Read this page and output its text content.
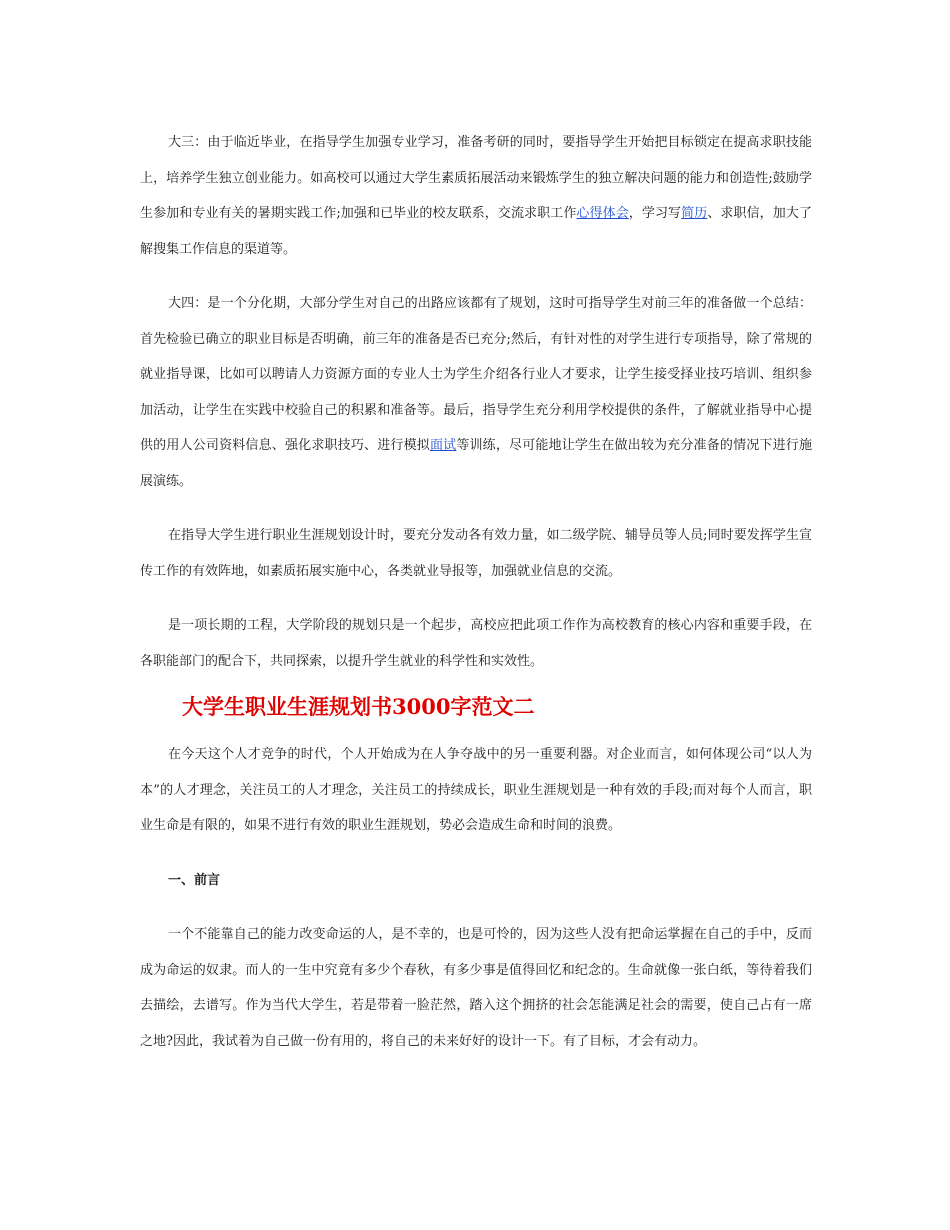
大三：由于临近毕业，在指导学生加强专业学习，准备考研的同时，要指导学生开始把目标锁定在提高求职技能上，培养学生独立创业能力。如高校可以通过大学生素质拓展活动来锻炼学生的独立解决问题的能力和创造性;鼓励学生参加和专业有关的暑期实践工作;加强和已毕业的校友联系，交流求职工作心得体会，学习写简历、求职信，加大了解搜集工作信息的渠道等。

大四：是一个分化期，大部分学生对自己的出路应该都有了规划，这时可指导学生对前三年的准备做一个总结：首先检验已确立的职业目标是否明确，前三年的准备是否已充分;然后，有针对性的对学生进行专项指导，除了常规的就业指导课，比如可以聘请人力资源方面的专业人士为学生介绍各行业人才要求，让学生接受择业技巧培训、组织参加活动，让学生在实践中校验自己的积累和准备等。最后，指导学生充分利用学校提供的条件，了解就业指导中心提供的用人公司资料信息、强化求职技巧、进行模拟面试等训练，尽可能地让学生在做出较为充分准备的情况下进行施展演练。

在指导大学生进行职业生涯规划设计时，要充分发动各有效力量，如二级学院、辅导员等人员;同时要发挥学生宣传工作的有效阵地，如素质拓展实施中心，各类就业导报等，加强就业信息的交流。

是一项长期的工程，大学阶段的规划只是一个起步，高校应把此项工作作为高校教育的核心内容和重要手段，在各职能部门的配合下，共同探索，以提升学生就业的科学性和实效性。

大学生职业生涯规划书3000字范文二

在今天这个人才竞争的时代，个人开始成为在人争夺战中的另一重要利器。对企业而言，如何体现公司“以人为本”的人才理念，关注员工的人才理念，关注员工的持续成长，职业生涯规划是一种有效的手段;而对每个人而言，职业生命是有限的，如果不进行有效的职业生涯规划，势必会造成生命和时间的浪费。

一、前言

一个不能靠自己的能力改变命运的人，是不幸的，也是可怜的，因为这些人没有把命运掌握在自己的手中，反而成为命运的奴隶。而人的一生中究竟有多少个春秋，有多少事是值得回忆和纪念的。生命就像一张白纸，等待着我们去描绘，去谱写。作为当代大学生，若是带着一脸茫然，踏入这个拥挤的社会怎能满足社会的需要，使自己占有一席之地?因此，我试着为自己做一份有用的，将自己的未来好好的设计一下。有了目标，才会有动力。
